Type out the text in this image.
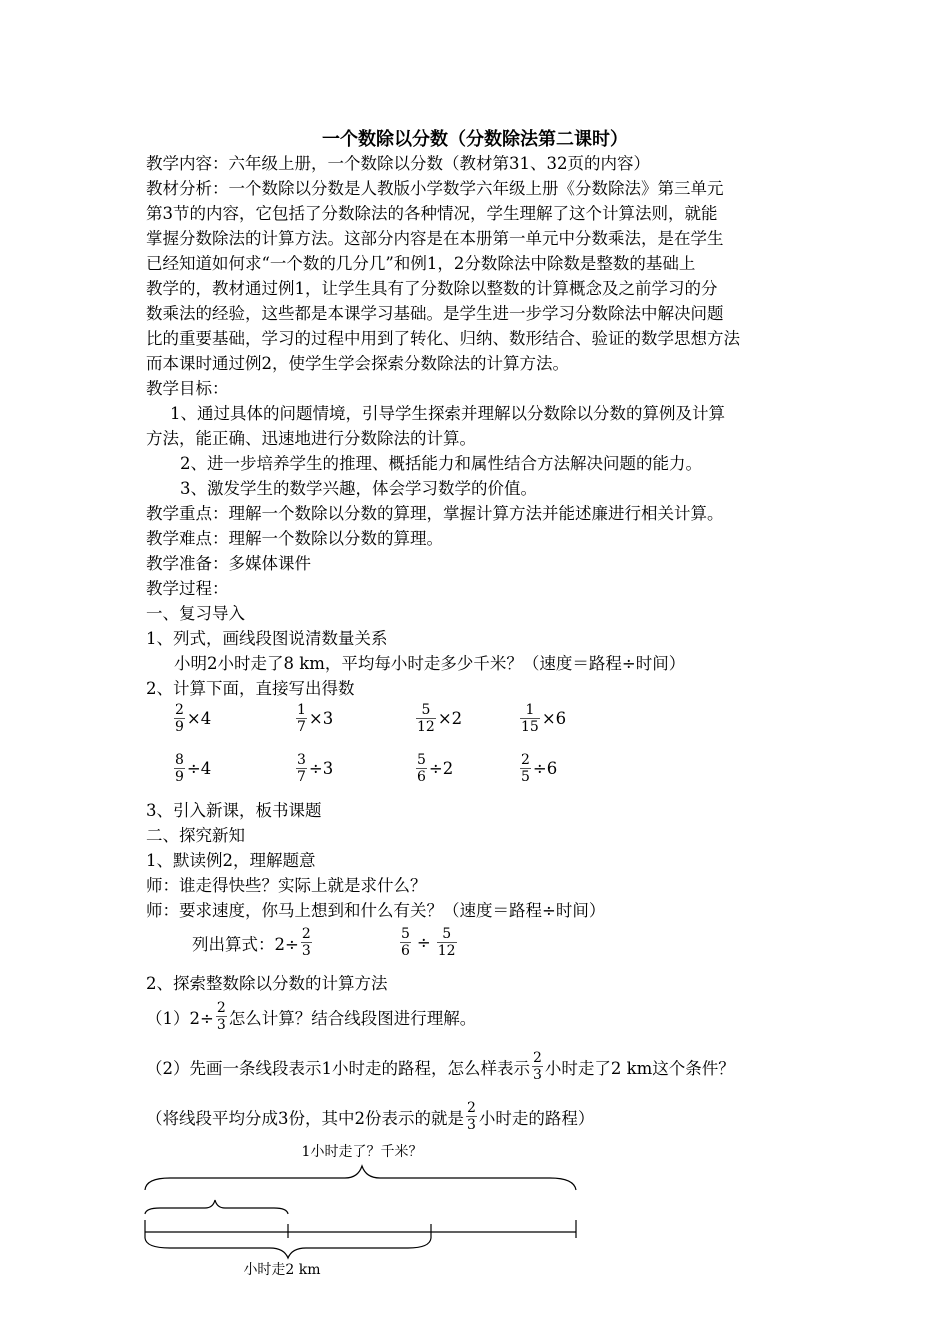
一个数除以分数（分数除法第二课时）
教学内容：六年级上册，一个数除以分数（教材第31、32页的内容）
教材分析：一个数除以分数是人教版小学数学六年级上册《分数除法》第三单元
第3节的内容，它包括了分数除法的各种情况，学生理解了这个计算法则，就能
掌握分数除法的计算方法。这部分内容是在本册第一单元中分数乘法，是在学生
已经知道如何求“一个数的几分几”和例1，2分数除法中除数是整数的基础上
教学的，教材通过例1，让学生具有了分数除以整数的计算概念及之前学习的分
数乘法的经验，这些都是本课学习基础。是学生进一步学习分数除法中解决问题
比的重要基础，学习的过程中用到了转化、归纳、数形结合、验证的数学思想方法
而本课时通过例2，使学生学会探索分数除法的计算方法。
教学目标：
1、通过具体的问题情境，引导学生探索并理解以分数除以分数的算例及计算
方法，能正确、迅速地进行分数除法的计算。
2、进一步培养学生的推理、概括能力和属性结合方法解决问题的能力。
3、激发学生的数学兴趣，体会学习数学的价值。
教学重点：理解一个数除以分数的算理，掌握计算方法并能述廉进行相关计算。
教学难点：理解一个数除以分数的算理。
教学准备：多媒体课件
教学过程：
一、复习导入
1、列式，画线段图说清数量关系
小明2小时走了8 km，平均每小时走多少千米？（速度＝路程÷时间）
2、计算下面，直接写出得数
$\frac{2}{9} \times 4$	$\frac{1}{7} \times 3$	$\frac{5}{12} \times 2$	$\frac{1}{15} \times 6$
$\frac{8}{9} \div 4$	$\frac{3}{7} \div 3$	$\frac{5}{6} \div 2$	$\frac{2}{5} \div 6$
3、引入新课，板书课题
二、探究新知
1、默读例2，理解题意
师：谁走得快些？实际上就是求什么？
师：要求速度，你马上想到和什么有关？（速度＝路程÷时间）
列出算式：$2\div \frac{2}{3}$	$\frac{5}{6} \div \frac{5}{12}$
2、探索整数除以分数的计算方法
$(1)2\div \frac{2}{3}$ 怎么计算？结合线段图进行理解。
（2）先画一条线段表示1小时走的路程，怎么样表示 $\frac{2}{3}$ 小时走了2 km这个条件？
（将线段平均分成3份，其中2份表示的就是 $\frac{2}{3}$ 小时走的路程）
1小时走了？千米？
小时走2 km
